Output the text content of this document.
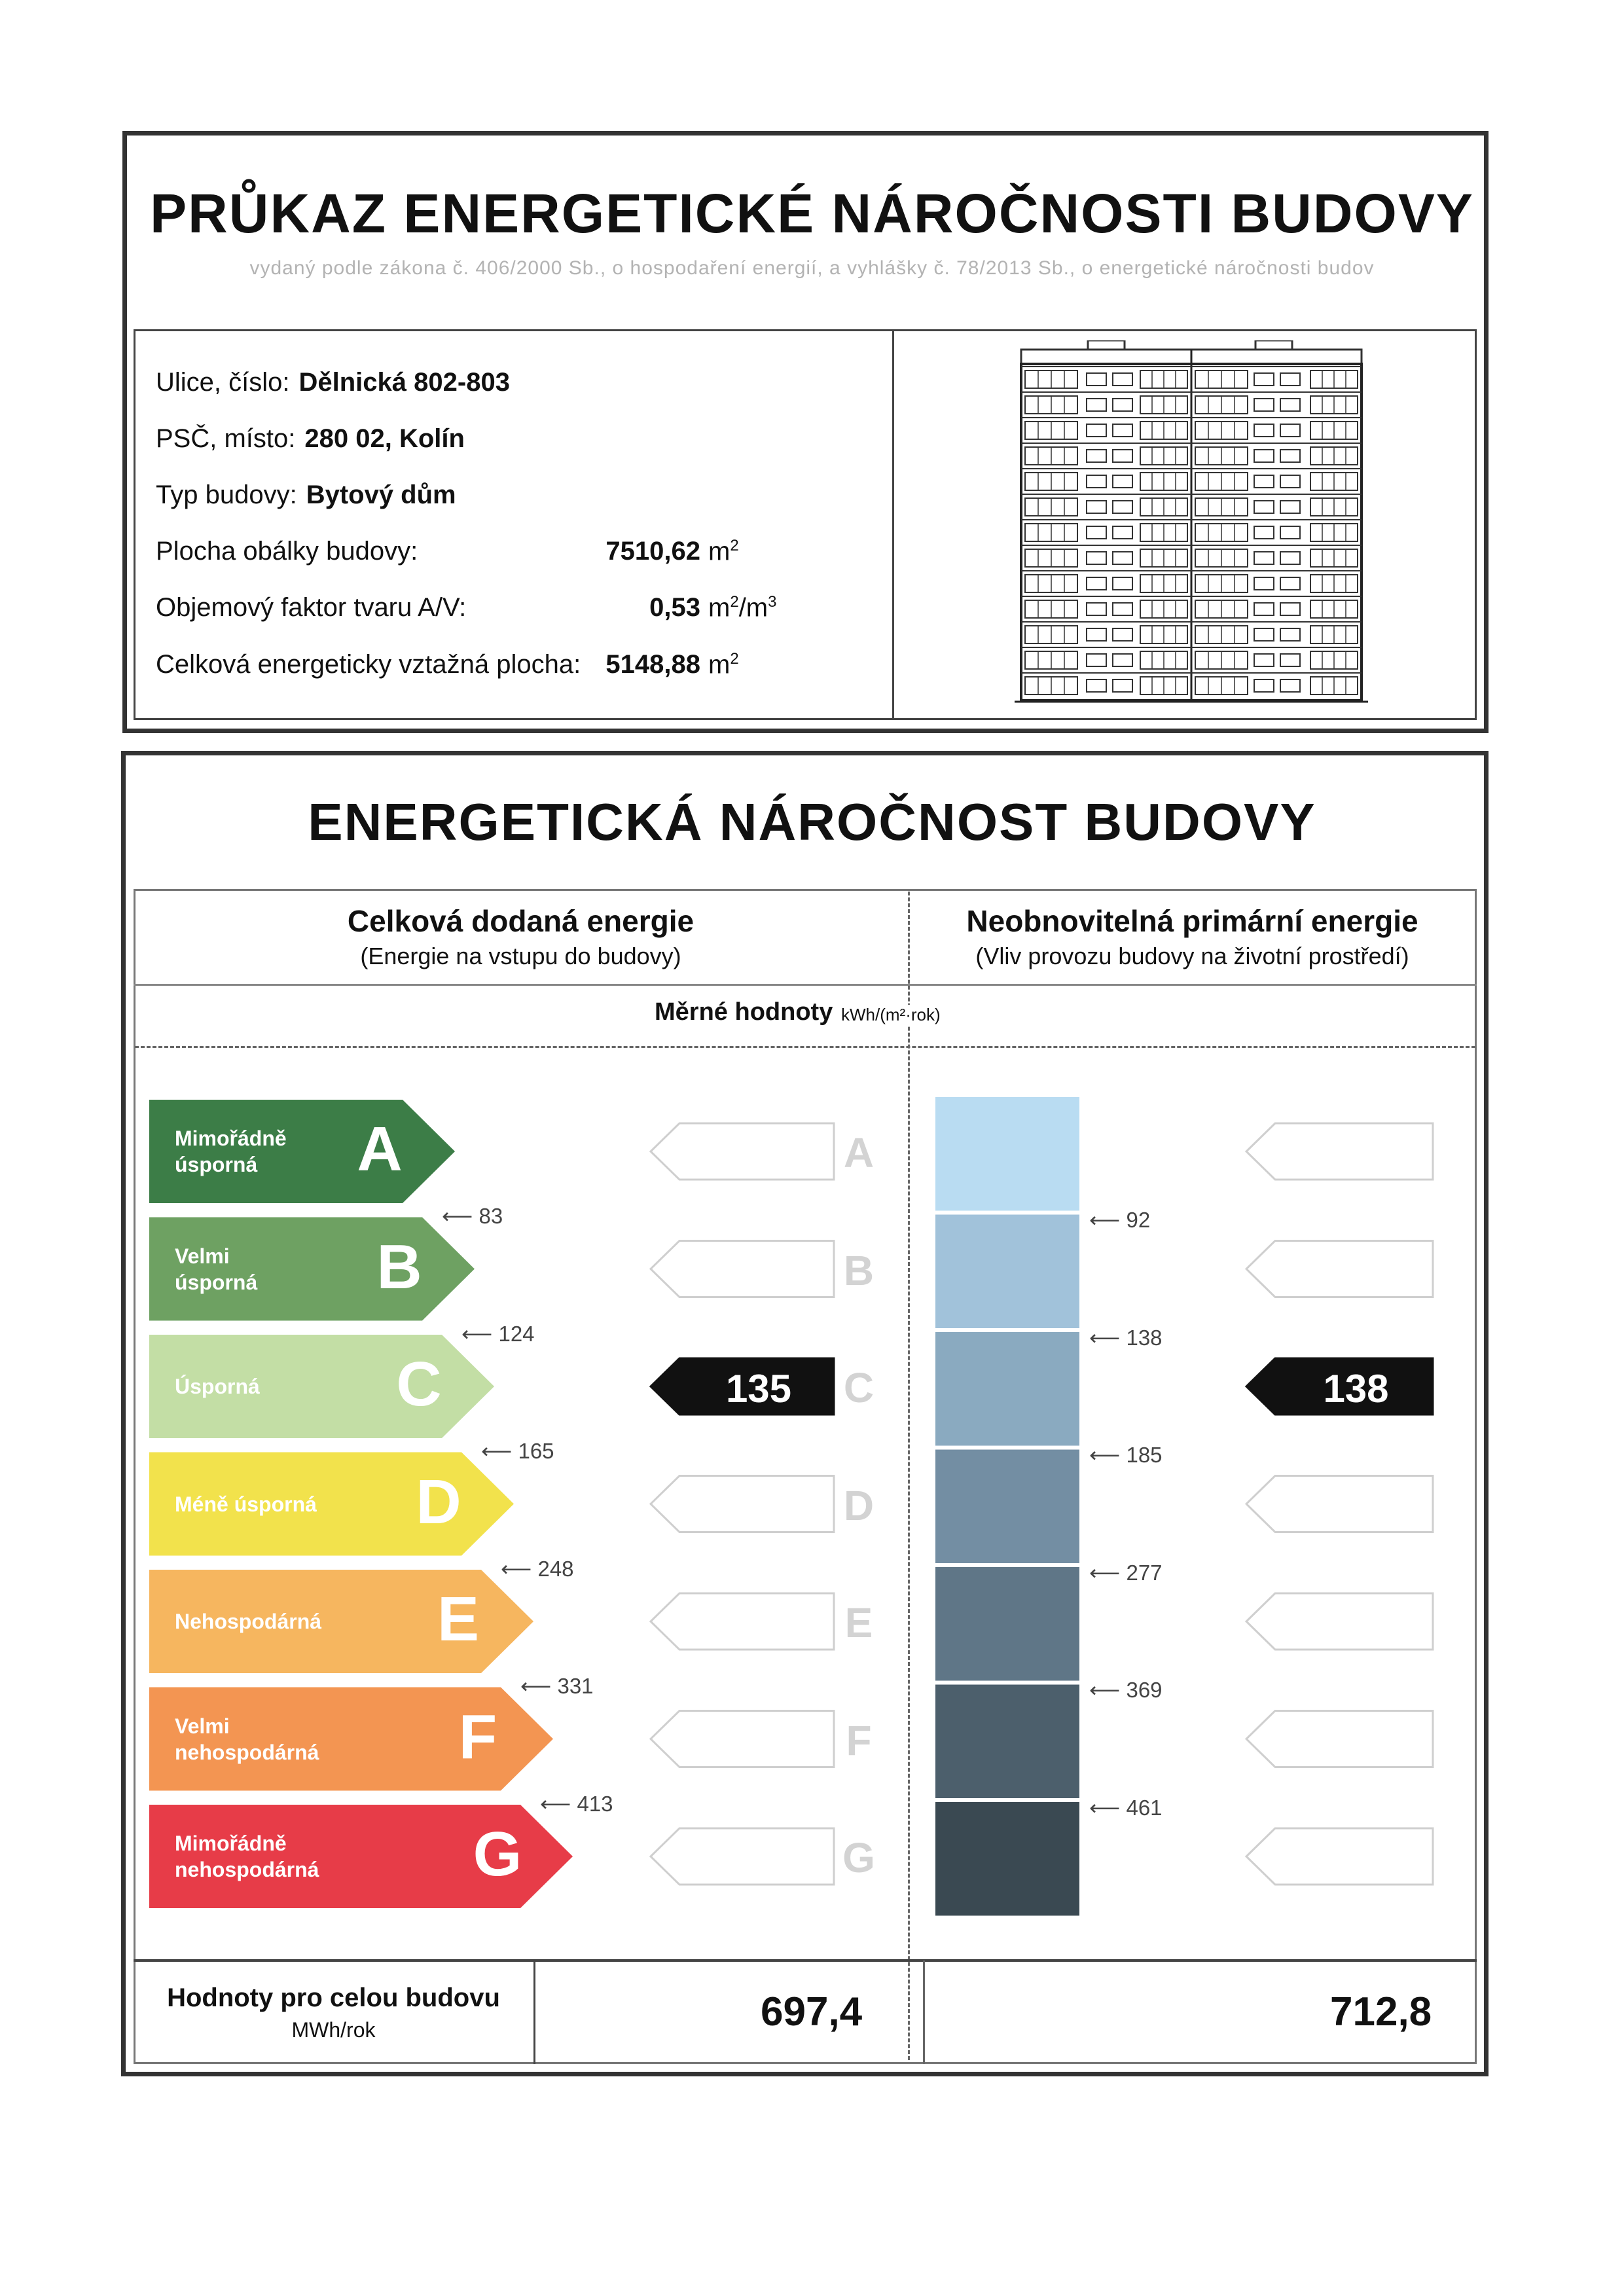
PRŮKAZ ENERGETICKÉ NÁROČNOSTI BUDOVY
vydaný podle zákona č. 406/2000 Sb., o hospodaření energií, a vyhlášky č. 78/2013 Sb., o energetické náročnosti budov
Ulice, číslo: Dělnická 802-803
PSČ, místo: 280 02, Kolín
Typ budovy: Bytový dům
Plocha obálky budovy:	7510,62 $m^2$
Objemový faktor tvaru A/V:	0,53 $m^2/m^3$
Celková energeticky vztažná plocha: 5148,88 $m^2$
ENERGETICKÁ NÁROČNOST BUDOVY
Celková dodaná energie
(Energie na vstupu do budovy)
Neobnovitelná primární energie
(Vliv provozu budovy na životní prostředí)
Měrné hodnoty kWh/(m²·rok)
Mimořádně
úsporná	A	A
Velmi
úsporná B	B
Úsporná C	C
135	138
Méně úsporná D	D
Nehospodárná E	E
Velmi
nehospodárná F	F
Mimořádně
nehospodárná G	G
⟵ 83
⟵ 124
⟵ 165
⟵ 248
⟵ 331
⟵ 413
⟵ 92
⟵ 138
⟵ 185
⟵ 277
⟵ 369
⟵ 461
Hodnoty pro celou budovu
MWh/rok	697,4	712,8
